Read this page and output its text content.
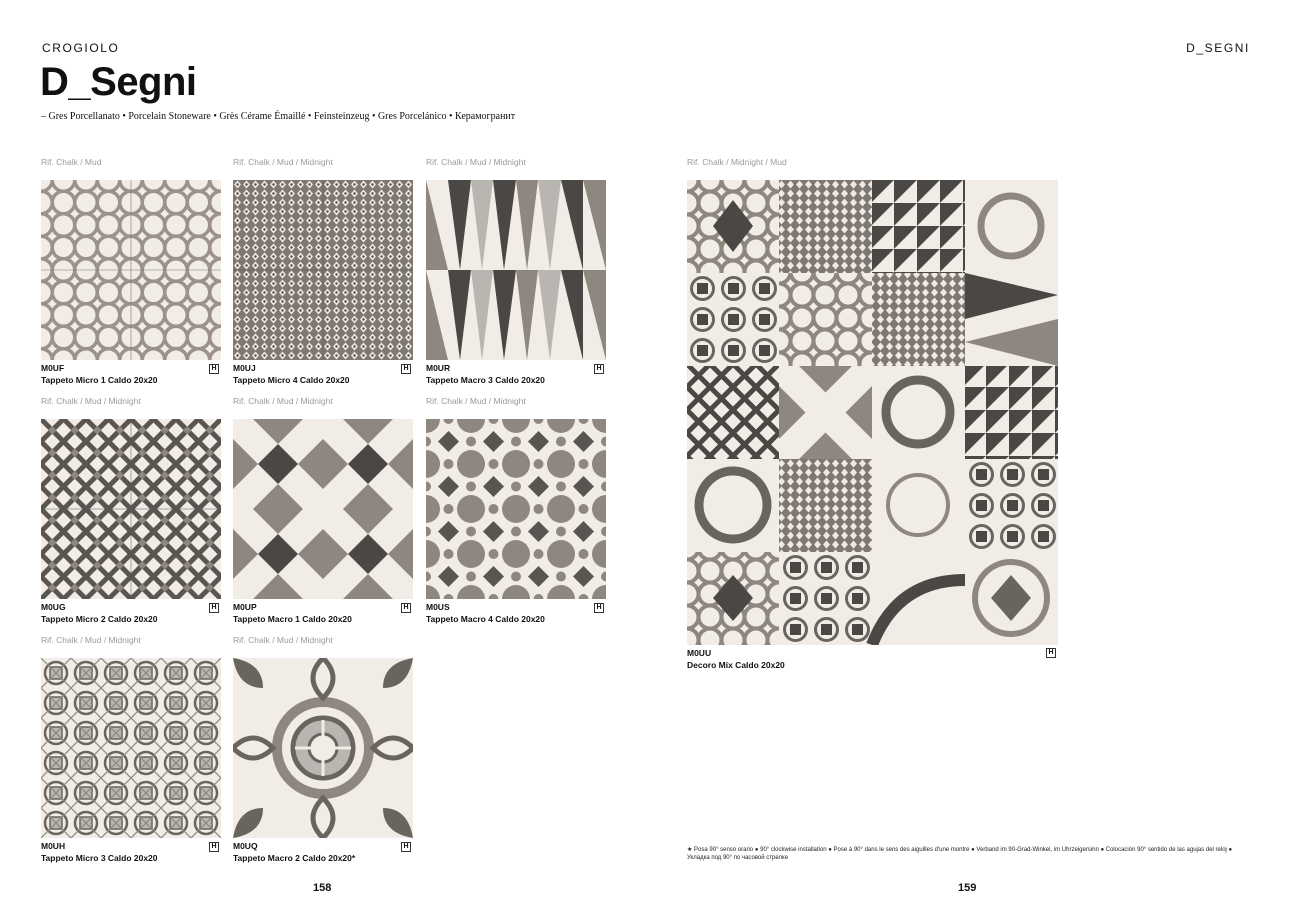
CROGIOLO	D_SEGNI
D_Segni
– Gres Porcellanato • Porcelain Stoneware • Grès Cérame Émaillé • Feinsteinzeug • Gres Porcelánico • Керамогранит
Rif. Chalk / Mud
M0UF	H
Tappeto Micro 1 Caldo 20x20
Rif. Chalk / Mud / Midnight
M0UJ	H
Tappeto Micro 4 Caldo 20x20
Rif. Chalk / Mud / Midnight
M0UR	H
Tappeto Macro 3 Caldo 20x20
Rif. Chalk / Mud / Midnight
M0UG	H
Tappeto Micro 2 Caldo 20x20
Rif. Chalk / Mud / Midnight
M0UP	H
Tappeto Macro 1 Caldo 20x20
Rif. Chalk / Mud / Midnight
M0US	H
Tappeto Macro 4 Caldo 20x20
Rif. Chalk / Mud / Midnight
M0UH	H
Tappeto Micro 3 Caldo 20x20
Rif. Chalk / Mud / Midnight
M0UQ	H
Tappeto Macro 2 Caldo 20x20*
Rif. Chalk / Midnight / Mud
M0UU	H
Decoro Mix Caldo 20x20
★ Posa 90° senso orario ● 90° clockwise installation ● Pose à 90° dans le sens des aiguilles d'une montre ● Verband im 90-Grad-Winkel, im Uhrzeigersinn ● Colocación 90° sentido de las agujas del reloj ● Укладка под 90° по часовой стрелке
158	159
